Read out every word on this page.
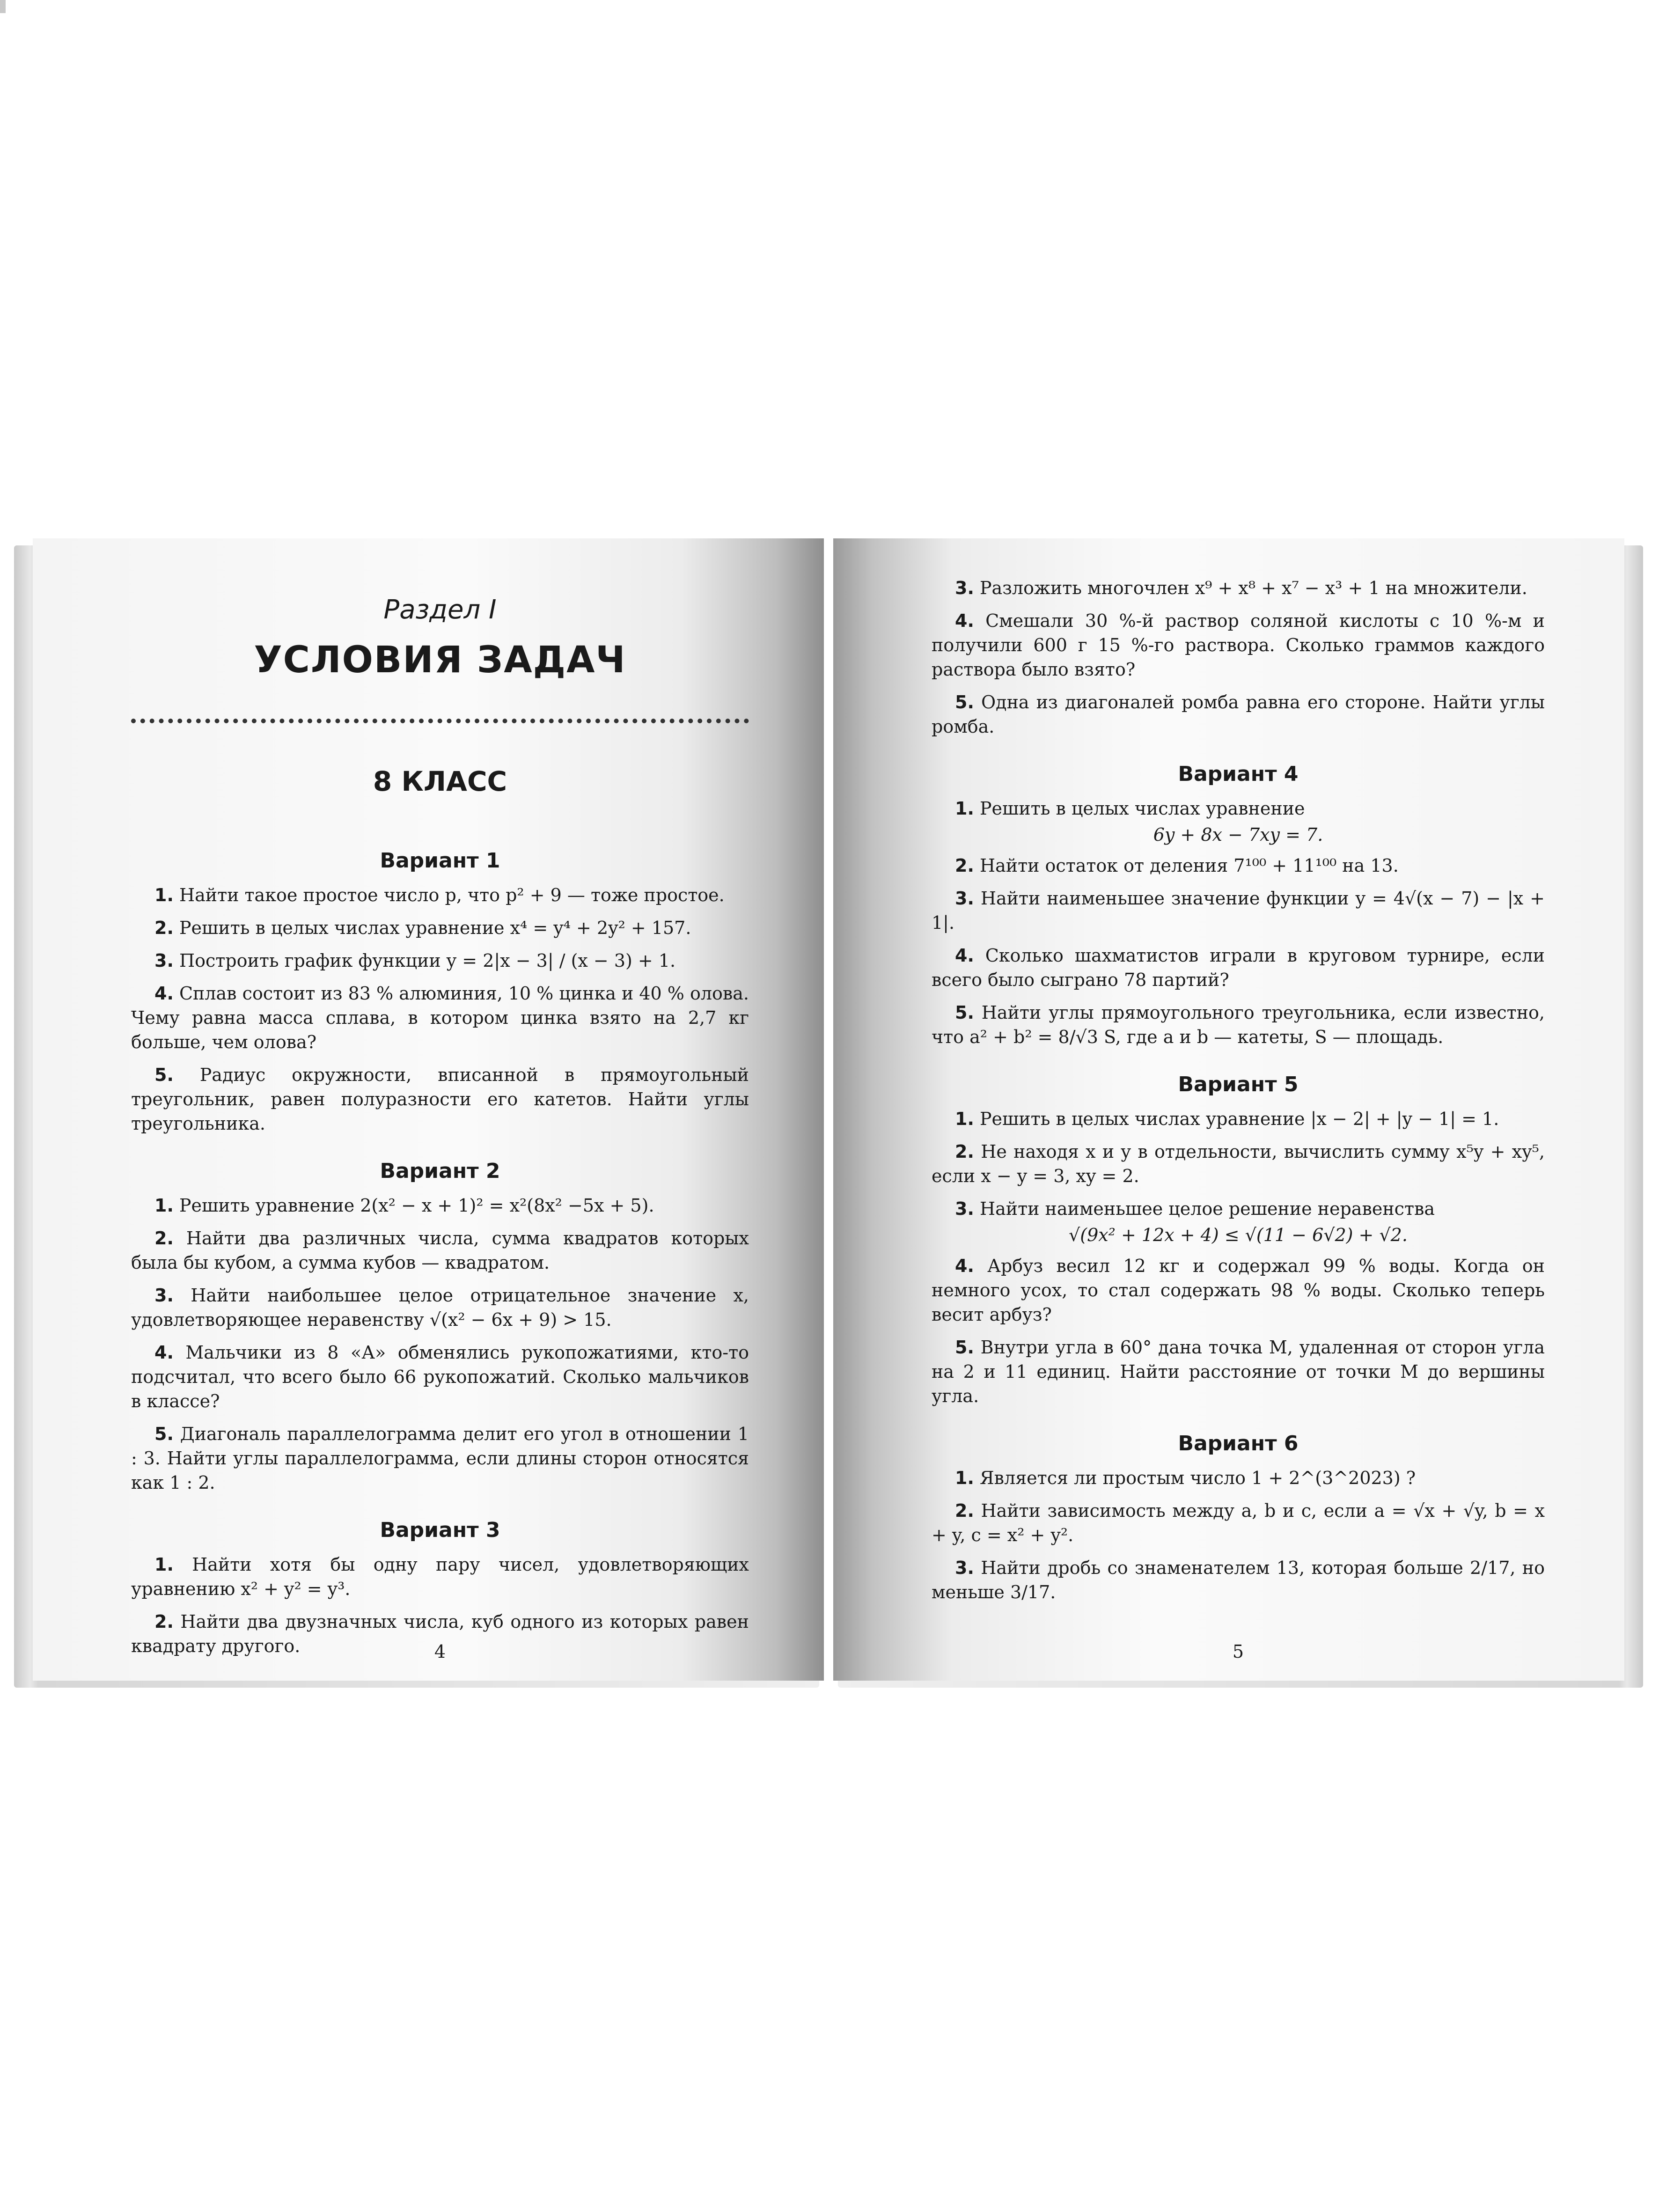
Раздел I

УСЛОВИЯ ЗАДАЧ
8 КЛАСС
Вариант 1

1. Найти такое простое число p, что p² + 9 — тоже простое.

2. Решить в целых числах уравнение x⁴ = y⁴ + 2y² + 157.

3. Построить график функции y = 2|x − 3| / (x − 3) + 1.

4. Сплав состоит из 83 % алюминия, 10 % цинка и 40 % олова. Чему равна масса сплава, в котором цинка взято на 2,7 кг больше, чем олова?

5. Радиус окружности, вписанной в прямоугольный треугольник, равен полуразности его катетов. Найти углы треугольника.

Вариант 2

1. Решить уравнение 2(x² − x + 1)² = x²(8x² −5x + 5).

2. Найти два различных числа, сумма квадратов которых была бы кубом, а сумма кубов — квадратом.

3. Найти наибольшее целое отрицательное значение x, удовлетворяющее неравенству √(x² − 6x + 9) > 15.

4. Мальчики из 8 «А» обменялись рукопожатиями, кто-то подсчитал, что всего было 66 рукопожатий. Сколько мальчиков в классе?

5. Диагональ параллелограмма делит его угол в отношении 1 : 3. Найти углы параллелограмма, если длины сторон относятся как 1 : 2.

Вариант 3

1. Найти хотя бы одну пару чисел, удовлетворяющих уравнению x² + y² = y³.

2. Найти два двузначных числа, куб одного из которых равен квадрату другого.	4

3. Разложить многочлен x⁹ + x⁸ + x⁷ − x³ + 1 на множители.

4. Смешали 30 %-й раствор соляной кислоты с 10 %-м и получили 600 г 15 %-го раствора. Сколько граммов каждого раствора было взято?

5. Одна из диагоналей ромба равна его стороне. Найти углы ромба.

Вариант 4

1. Решить в целых числах уравнение

6y + 8x − 7xy = 7.

2. Найти остаток от деления 7¹⁰⁰ + 11¹⁰⁰ на 13.

3. Найти наименьшее значение функции y = 4√(x − 7) − |x + 1|.

4. Сколько шахматистов играли в круговом турнире, если всего было сыграно 78 партий?

5. Найти углы прямоугольного треугольника, если известно, что a² + b² = 8/√3 S, где a и b — катеты, S — площадь.

Вариант 5

1. Решить в целых числах уравнение |x − 2| + |y − 1| = 1.

2. Не находя x и y в отдельности, вычислить сумму x⁵y + xy⁵, если x − y = 3, xy = 2.

3. Найти наименьшее целое решение неравенства

√(9x² + 12x + 4) ≤ √(11 − 6√2) + √2.

4. Арбуз весил 12 кг и содержал 99 % воды. Когда он немного усох, то стал содержать 98 % воды. Сколько теперь весит арбуз?

5. Внутри угла в 60° дана точка M, удаленная от сторон угла на 2 и 11 единиц. Найти расстояние от точки M до вершины угла.

Вариант 6

1. Является ли простым число 1 + 2^(3^2023) ?

2. Найти зависимость между a, b и c, если a = √x + √y, b = x + y, c = x² + y².

3. Найти дробь со знаменателем 13, которая больше 2/17, но меньше 3/17.

5
